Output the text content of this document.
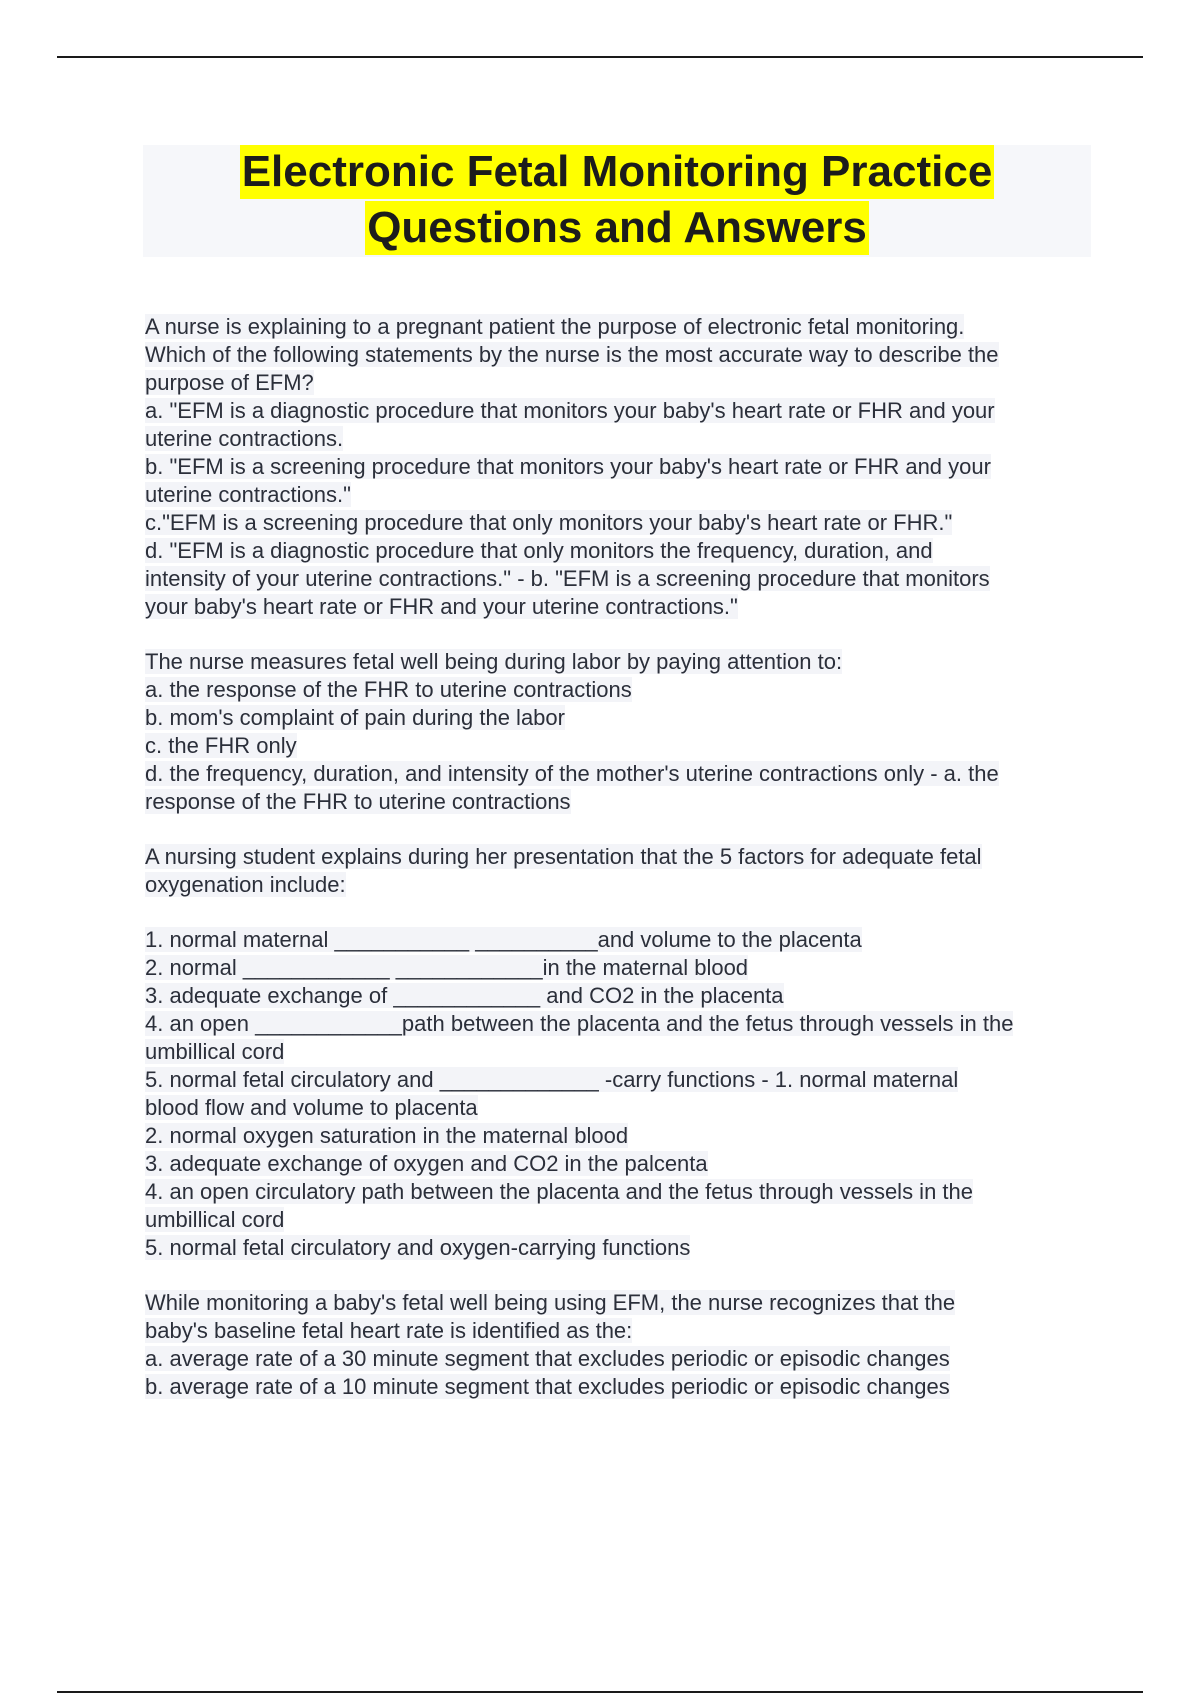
Electronic Fetal Monitoring Practice
Questions and Answers
A nurse is explaining to a pregnant patient the purpose of electronic fetal monitoring.
Which of the following statements by the nurse is the most accurate way to describe the
purpose of EFM?
a. "EFM is a diagnostic procedure that monitors your baby's heart rate or FHR and your
uterine contractions.
b. "EFM is a screening procedure that monitors your baby's heart rate or FHR and your
uterine contractions."
c."EFM is a screening procedure that only monitors your baby's heart rate or FHR."
d. "EFM is a diagnostic procedure that only monitors the frequency, duration, and
intensity of your uterine contractions." - b. "EFM is a screening procedure that monitors
your baby's heart rate or FHR and your uterine contractions."
The nurse measures fetal well being during labor by paying attention to:
a. the response of the FHR to uterine contractions
b. mom's complaint of pain during the labor
c. the FHR only
d. the frequency, duration, and intensity of the mother's uterine contractions only - a. the
response of the FHR to uterine contractions
A nursing student explains during her presentation that the 5 factors for adequate fetal
oxygenation include:
1. normal maternal ___________ __________and volume to the placenta
2. normal ____________ ____________in the maternal blood
3. adequate exchange of ____________ and CO2 in the placenta
4. an open ____________path between the placenta and the fetus through vessels in the
umbillical cord
5. normal fetal circulatory and _____________ -carry functions - 1. normal maternal
blood flow and volume to placenta
2. normal oxygen saturation in the maternal blood
3. adequate exchange of oxygen and CO2 in the palcenta
4. an open circulatory path between the placenta and the fetus through vessels in the
umbillical cord
5. normal fetal circulatory and oxygen-carrying functions
While monitoring a baby's fetal well being using EFM, the nurse recognizes that the
baby's baseline fetal heart rate is identified as the:
a. average rate of a 30 minute segment that excludes periodic or episodic changes
b. average rate of a 10 minute segment that excludes periodic or episodic changes
